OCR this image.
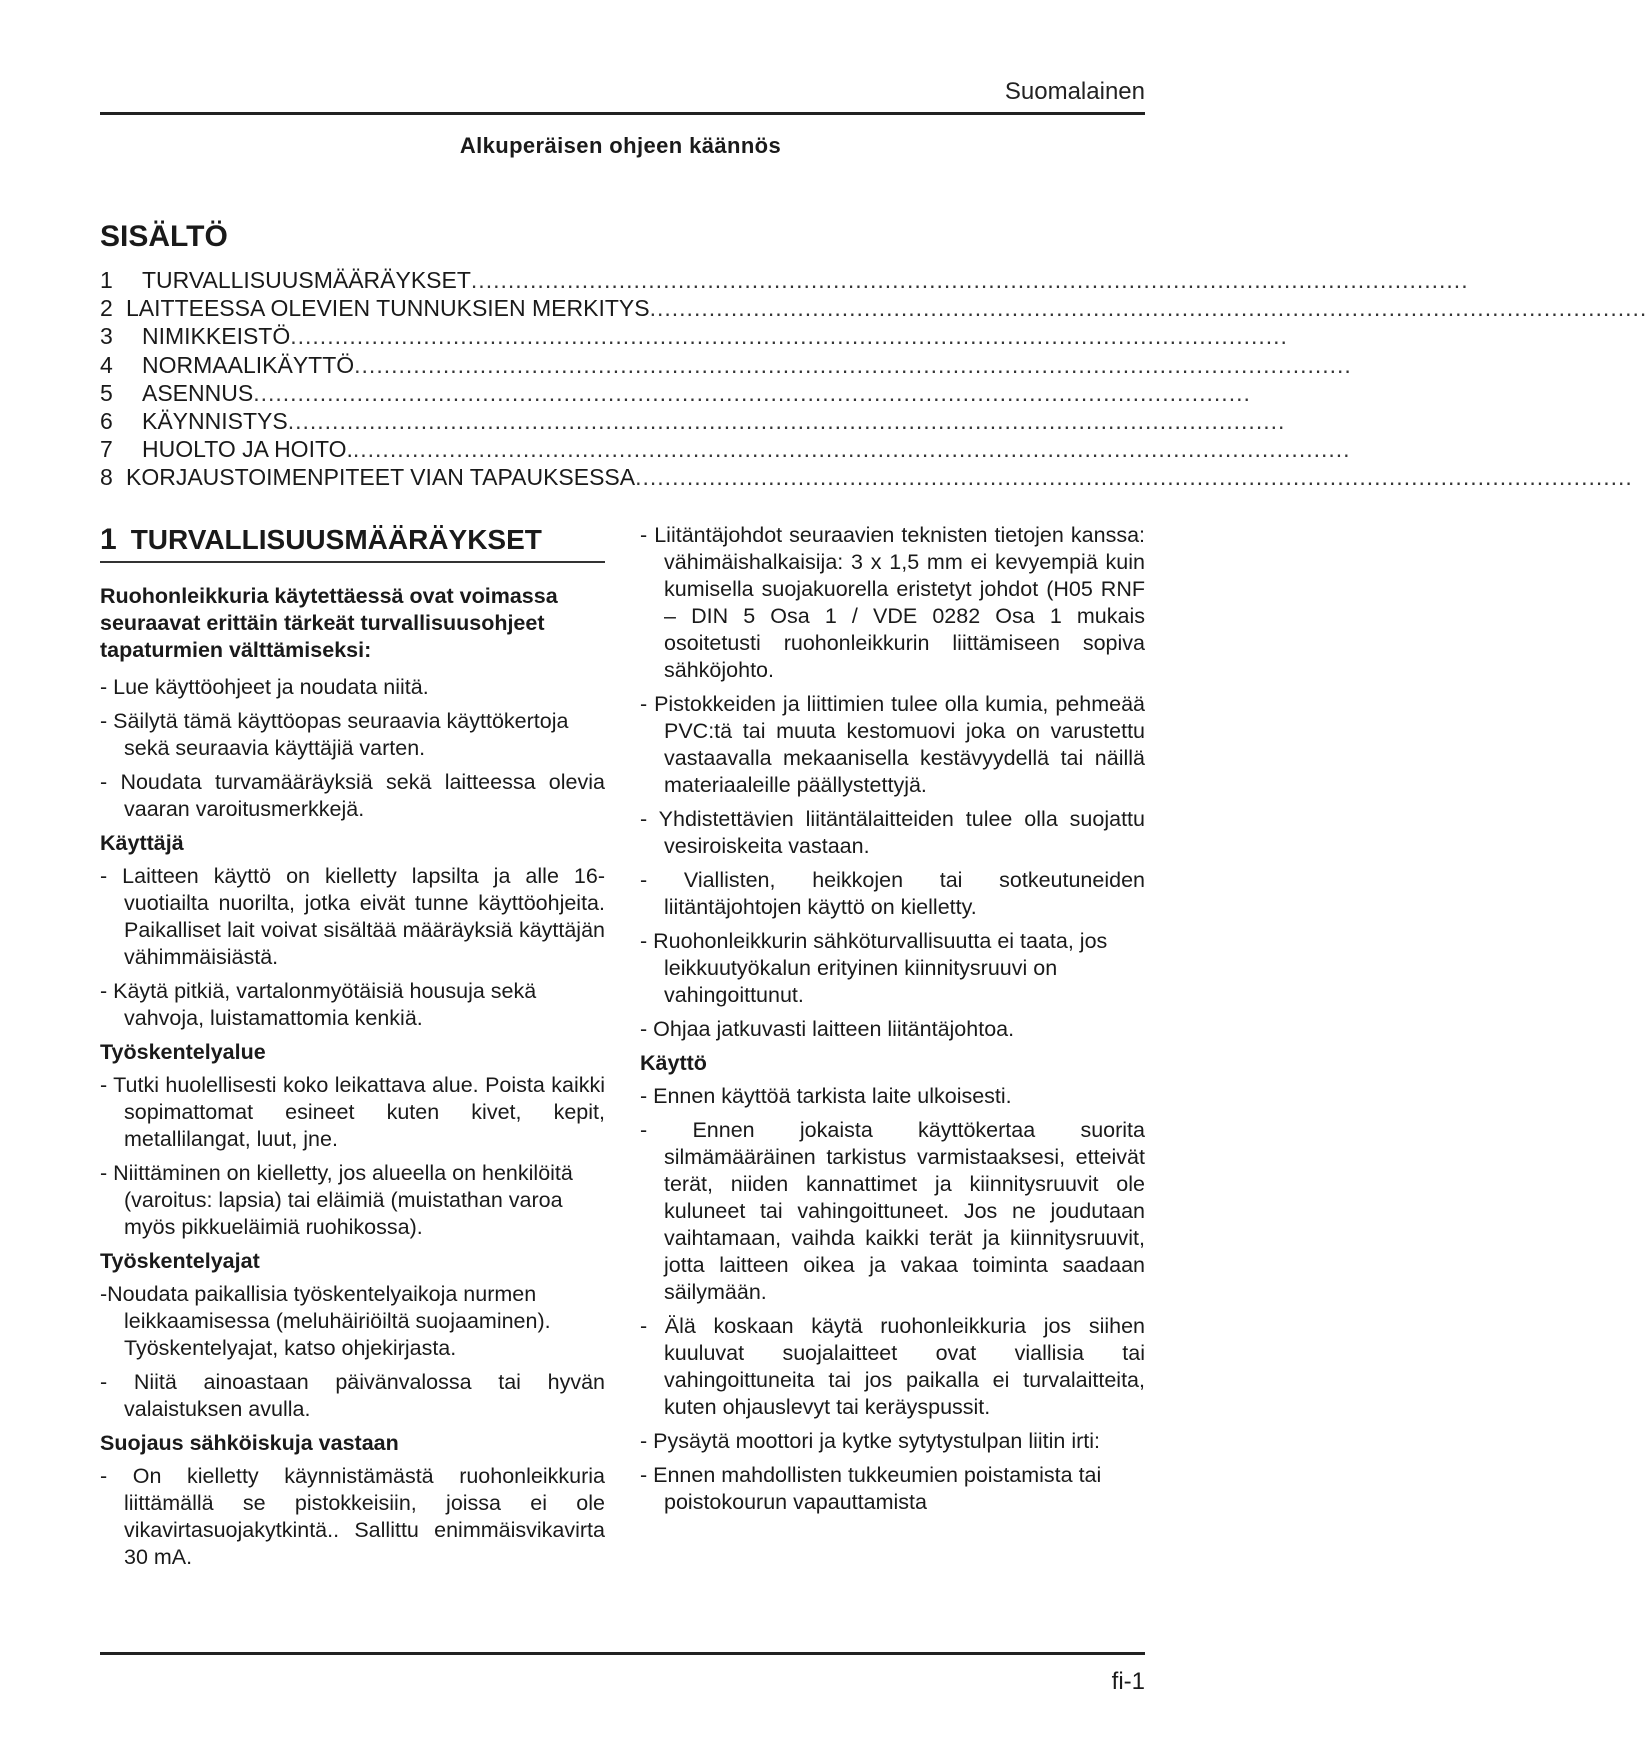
Suomalainen
Alkuperäisen ohjeen käännös
SISÄLTÖ
1	TURVALLISUUSMÄÄRÄYKSET .......................................................................................................................................
2 LAITTEESSA OLEVIEN TUNNUKSIEN MERKITYS .......................................................................................................................................
3	NIMIKKEISTÖ .......................................................................................................................................
4	NORMAALIKÄYTTÖ .......................................................................................................................................
5	ASENNUS .......................................................................................................................................
6	KÄYNNISTYS .......................................................................................................................................
7	HUOLTO JA HOITO. .......................................................................................................................................
8 KORJAUSTOIMENPITEET VIAN TAPAUKSESSA .......................................................................................................................................
1 TURVALLISUUSMÄÄRÄYKSET

Ruohonleikkuria käytettäessä ovat voimassa seuraavat erittäin tärkeät turvallisuusohjeet tapaturmien välttämiseksi:

- Lue käyttöohjeet ja noudata niitä.

- Säilytä tämä käyttöopas seuraavia käyttökertoja sekä seuraavia käyttäjiä varten.

- Noudata turvamääräyksiä sekä laitteessa olevia vaaran varoitusmerkkejä.

Käyttäjä

- Laitteen käyttö on kielletty lapsilta ja alle 16-vuotiailta nuorilta, jotka eivät tunne käyttöohjeita. Paikalliset lait voivat sisältää määräyksiä käyttäjän vähimmäisiästä.

- Käytä pitkiä, vartalonmyötäisiä housuja sekä vahvoja, luistamattomia kenkiä.

Työskentelyalue

- Tutki huolellisesti koko leikattava alue. Poista kaikki sopimattomat esineet kuten kivet, kepit, metallilangat, luut, jne.

- Niittäminen on kielletty, jos alueella on henkilöitä (varoitus: lapsia) tai eläimiä (muistathan varoa myös pikkueläimiä ruohikossa).

Työskentelyajat

-Noudata paikallisia työskentelyaikoja nurmen leikkaamisessa (meluhäiriöiltä suojaaminen). Työskentelyajat, katso ohjekirjasta.

- Niitä ainoastaan päivänvalossa tai hyvän valaistuksen avulla.

Suojaus sähköiskuja vastaan

- On kielletty käynnistämästä ruohonleikkuria liittämällä se pistokkeisiin, joissa ei ole vikavirtasuojakytkintä.. Sallittu enimmäisvikavirta 30 mA.

- Liitäntäjohdot seuraavien teknisten tietojen kanssa: vähimäishalkaisija: 3 x 1,5 mm ei kevyempiä kuin kumisella suojakuorella eristetyt johdot (H05 RNF – DIN 5 Osa 1 / VDE 0282 Osa 1 mukais osoitetusti ruohonleikkurin liittämiseen sopiva sähköjohto.

- Pistokkeiden ja liittimien tulee olla kumia, pehmeää PVC:tä tai muuta kestomuovi joka on varustettu vastaavalla mekaanisella kestävyydellä tai näillä materiaaleille päällystettyjä.

- Yhdistettävien liitäntälaitteiden tulee olla suojattu vesiroiskeita vastaan.

- Viallisten, heikkojen tai sotkeutuneiden liitäntäjohtojen käyttö on kielletty.

- Ruohonleikkurin sähköturvallisuutta ei taata, jos leikkuutyökalun erityinen kiinnitysruuvi on vahingoittunut.

- Ohjaa jatkuvasti laitteen liitäntäjohtoa.

Käyttö

- Ennen käyttöä tarkista laite ulkoisesti.

- Ennen jokaista käyttökertaa suorita silmämääräinen tarkistus varmistaaksesi, etteivät terät, niiden kannattimet ja kiinnitysruuvit ole kuluneet tai vahingoittuneet. Jos ne joudutaan vaihtamaan, vaihda kaikki terät ja kiinnitysruuvit, jotta laitteen oikea ja vakaa toiminta saadaan säilymään.

- Älä koskaan käytä ruohonleikkuria jos siihen kuuluvat suojalaitteet ovat viallisia tai vahingoittuneita tai jos paikalla ei turvalaitteita, kuten ohjauslevyt tai keräyspussit.

- Pysäytä moottori ja kytke sytytystulpan liitin irti:

- Ennen mahdollisten tukkeumien poistamista tai poistokourun vapauttamista

fi-1
